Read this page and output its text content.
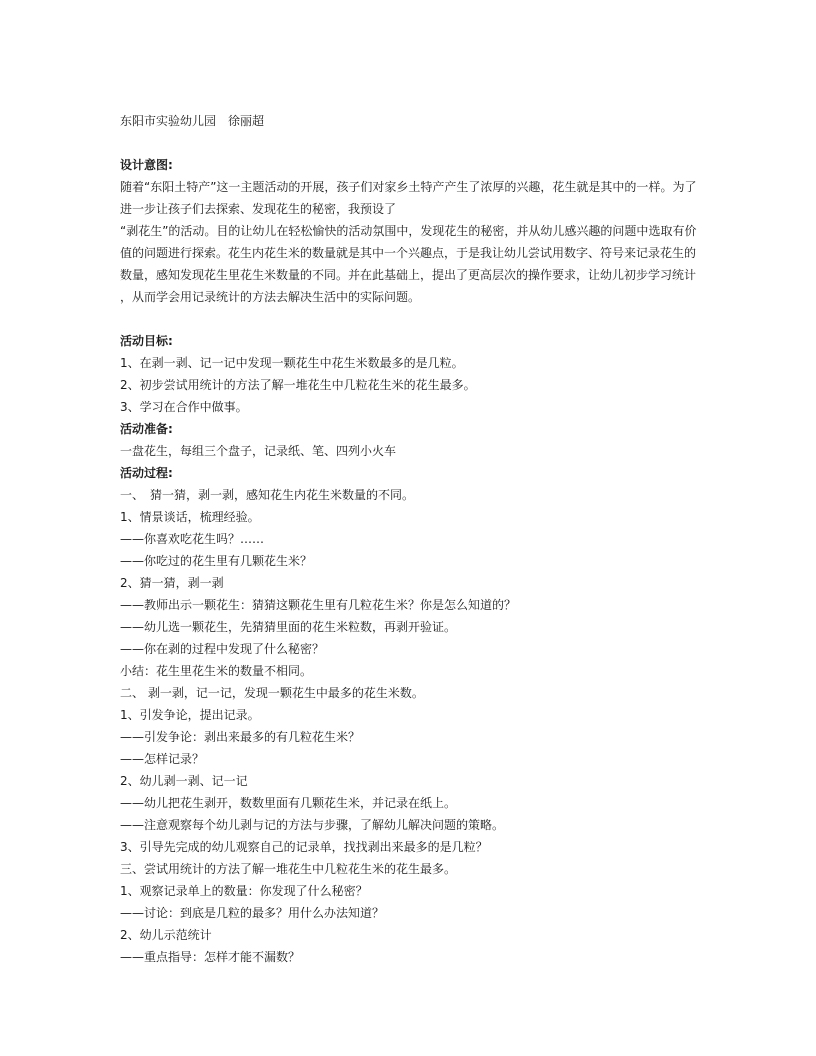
东阳市实验幼儿园　徐丽超
设计意图:
随着“东阳土特产”这一主题活动的开展，孩子们对家乡土特产产生了浓厚的兴趣，花生就是其中的一样。为了
进一步让孩子们去探索、发现花生的秘密，我预设了
“剥花生”的活动。目的让幼儿在轻松愉快的活动氛围中，发现花生的秘密，并从幼儿感兴趣的问题中选取有价
值的问题进行探索。花生内花生米的数量就是其中一个兴趣点，于是我让幼儿尝试用数字、符号来记录花生的
数量，感知发现花生里花生米数量的不同。并在此基础上，提出了更高层次的操作要求，让幼儿初步学习统计
，从而学会用记录统计的方法去解决生活中的实际问题。
活动目标:
1、在剥一剥、记一记中发现一颗花生中花生米数最多的是几粒。
2、初步尝试用统计的方法了解一堆花生中几粒花生米的花生最多。
3、学习在合作中做事。
活动准备:
一盘花生，每组三个盘子，记录纸、笔、四列小火车
活动过程:
一、　猜一猜，剥一剥，感知花生内花生米数量的不同。
1、情景谈话，梳理经验。
——你喜欢吃花生吗？……
——你吃过的花生里有几颗花生米？
2、猜一猜，剥一剥
——教师出示一颗花生：猜猜这颗花生里有几粒花生米？你是怎么知道的？
——幼儿选一颗花生，先猜猜里面的花生米粒数，再剥开验证。
——你在剥的过程中发现了什么秘密？
小结：花生里花生米的数量不相同。
二、 剥一剥，记一记，发现一颗花生中最多的花生米数。
1、引发争论，提出记录。
——引发争论：剥出来最多的有几粒花生米？
——怎样记录？
2、幼儿剥一剥、记一记
——幼儿把花生剥开，数数里面有几颗花生米，并记录在纸上。
——注意观察每个幼儿剥与记的方法与步骤，了解幼儿解决问题的策略。
3、引导先完成的幼儿观察自己的记录单，找找剥出来最多的是几粒？
三、尝试用统计的方法了解一堆花生中几粒花生米的花生最多。
1、观察记录单上的数量：你发现了什么秘密？
——讨论：到底是几粒的最多？用什么办法知道？
2、幼儿示范统计
——重点指导：怎样才能不漏数？
